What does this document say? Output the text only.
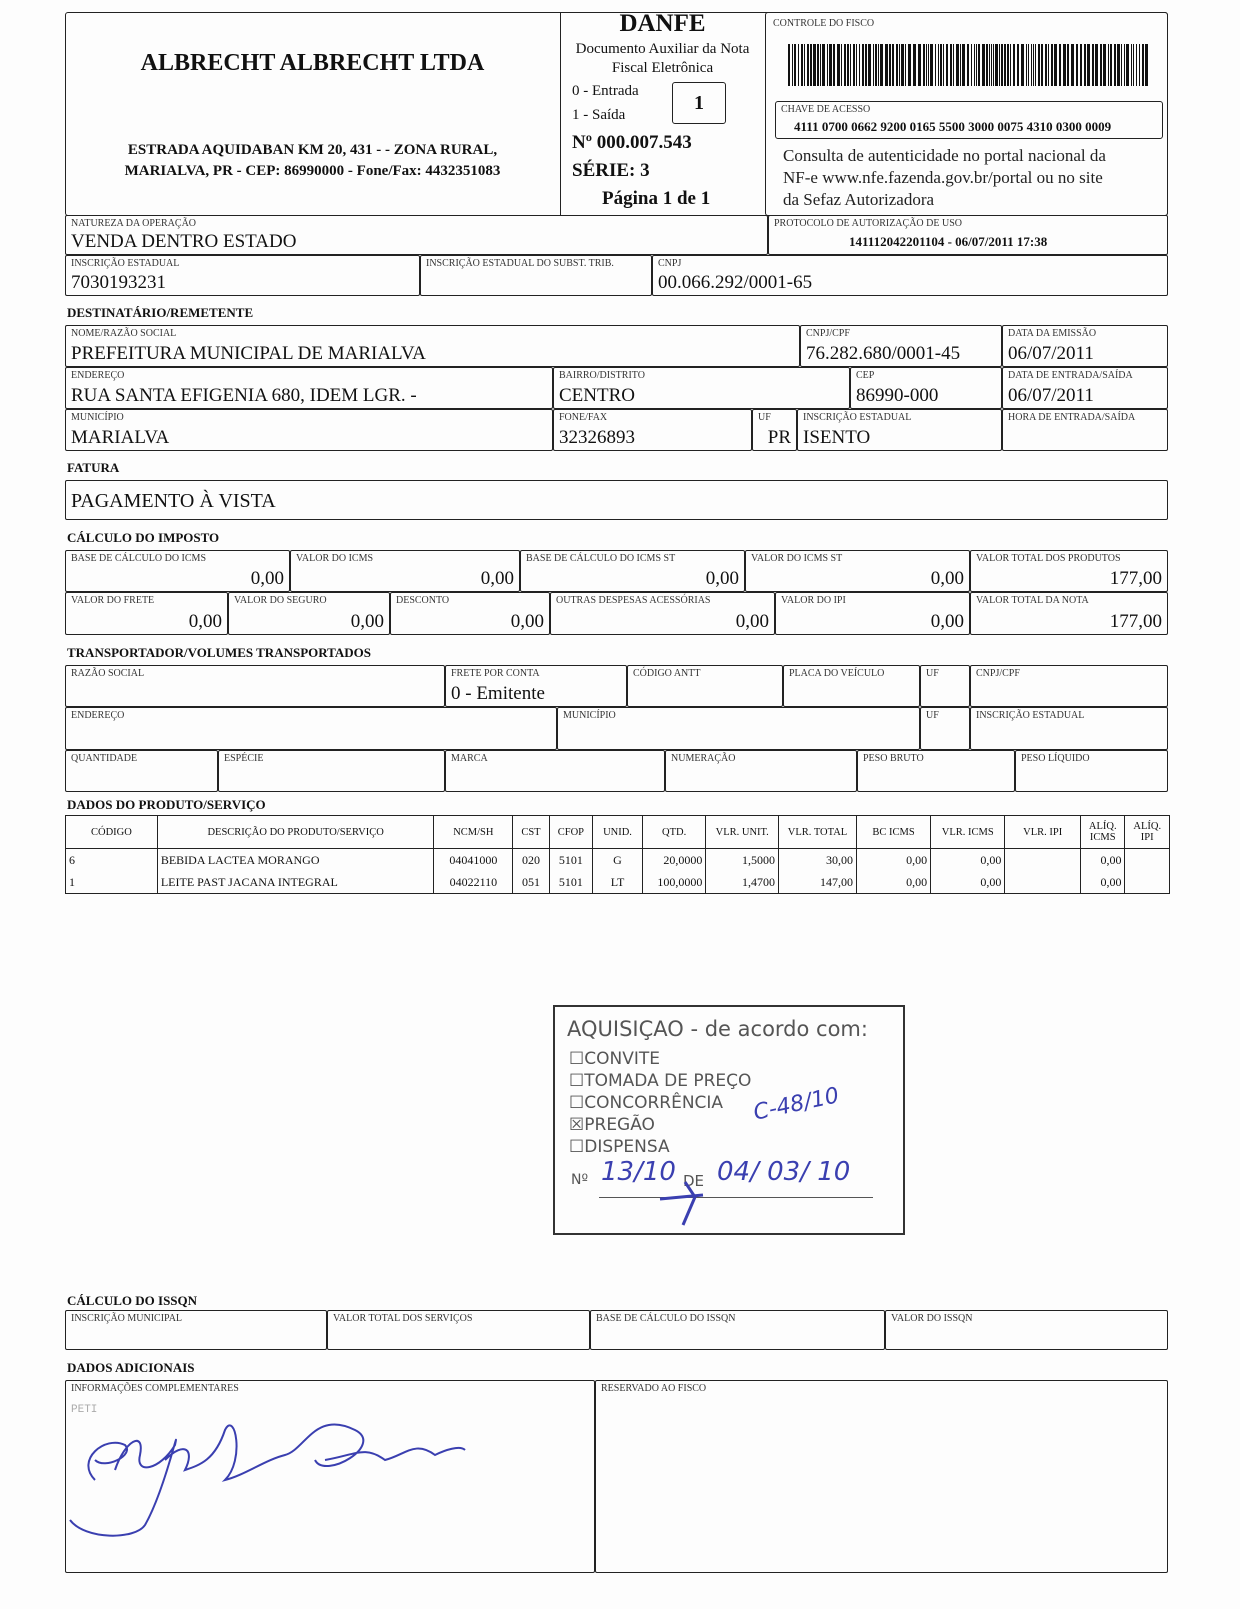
ALBRECHT ALBRECHT LTDA
ESTRADA AQUIDABAN KM 20, 431 - - ZONA RURAL,
MARIALVA, PR - CEP: 86990000 - Fone/Fax: 4432351083
DANFE
Documento Auxiliar da Nota
Fiscal Eletrônica
0 - Entrada
1 - Saída
1
Nº 000.007.543
SÉRIE: 3
Página 1 de 1
CONTROLE DO FISCO
CHAVE DE ACESSO
4111 0700 0662 9200 0165 5500 3000 0075 4310 0300 0009
Consulta de autenticidade no portal nacional da
NF-e www.nfe.fazenda.gov.br/portal ou no site
da Sefaz Autorizadora
DESTINATÁRIO/REMETENTE
FATURA
CÁLCULO DO IMPOSTO
TRANSPORTADOR/VOLUMES TRANSPORTADOS
DADOS DO PRODUTO/SERVIÇO
CÁLCULO DO ISSQN
DADOS ADICIONAIS
NATUREZA DA OPERAÇÃO
VENDA DENTRO ESTADO
PROTOCOLO DE AUTORIZAÇÃO DE USO
141112042201104 - 06/07/2011 17:38
INSCRIÇÃO ESTADUAL
7030193231
INSCRIÇÃO ESTADUAL DO SUBST. TRIB.	CNPJ
00.066.292/0001-65
NOME/RAZÃO SOCIAL
PREFEITURA MUNICIPAL DE MARIALVA
CNPJ/CPF
76.282.680/0001-45
DATA DA EMISSÃO
06/07/2011
ENDEREÇO
RUA SANTA EFIGENIA 680, IDEM LGR. -
BAIRRO/DISTRITO
CENTRO
CEP
86990-000
DATA DE ENTRADA/SAÍDA
06/07/2011
MUNICÍPIO
MARIALVA
FONE/FAX
32326893
UF
PR
INSCRIÇÃO ESTADUAL
ISENTO
HORA DE ENTRADA/SAÍDA
PAGAMENTO À VISTA
BASE DE CÁLCULO DO ICMS
0,00
VALOR DO ICMS
0,00
BASE DE CÁLCULO DO ICMS ST
0,00
VALOR DO ICMS ST
0,00
VALOR TOTAL DOS PRODUTOS
177,00
VALOR DO FRETE
0,00
VALOR DO SEGURO
0,00
DESCONTO
0,00
OUTRAS DESPESAS ACESSÓRIAS
0,00
VALOR DO IPI
0,00
VALOR TOTAL DA NOTA
177,00
RAZÃO SOCIAL	FRETE POR CONTA
0 - Emitente
CÓDIGO ANTT	PLACA DO VEÍCULO	UF	CNPJ/CPF
ENDEREÇO	MUNICÍPIO	UF	INSCRIÇÃO ESTADUAL
QUANTIDADE	ESPÉCIE	MARCA	NUMERAÇÃO	PESO BRUTO	PESO LÍQUIDO
INSCRIÇÃO MUNICIPAL	VALOR TOTAL DOS SERVIÇOS	BASE DE CÁLCULO DO ISSQN	VALOR DO ISSQN
INFORMAÇÕES COMPLEMENTARES	RESERVADO AO FISCO
CÓDIGO	DESCRIÇÃO DO PRODUTO/SERVIÇO	NCM/SH	CST	CFOP	UNID.	QTD.	VLR. UNIT.	VLR. TOTAL	BC ICMS	VLR. ICMS	VLR. IPI	ALÍQ. ICMS	ALÍQ. IPI
6	BEBIDA LACTEA MORANGO	04041000	020	5101	G	20,0000	1,5000	30,00	0,00	0,00		0,00	
1	LEITE PAST JACANA INTEGRAL	04022110	051	5101	LT	100,0000	1,4700	147,00	0,00	0,00		0,00	
PETI
AQUISIÇAO - de acordo com:
☐CONVITE
☐TOMADA DE PREÇO
☐CONCORRÊNCIA
☒PREGÃO
☐DISPENSA
Nº 13/10 DE 04/ 03/ 10
C-48/10
